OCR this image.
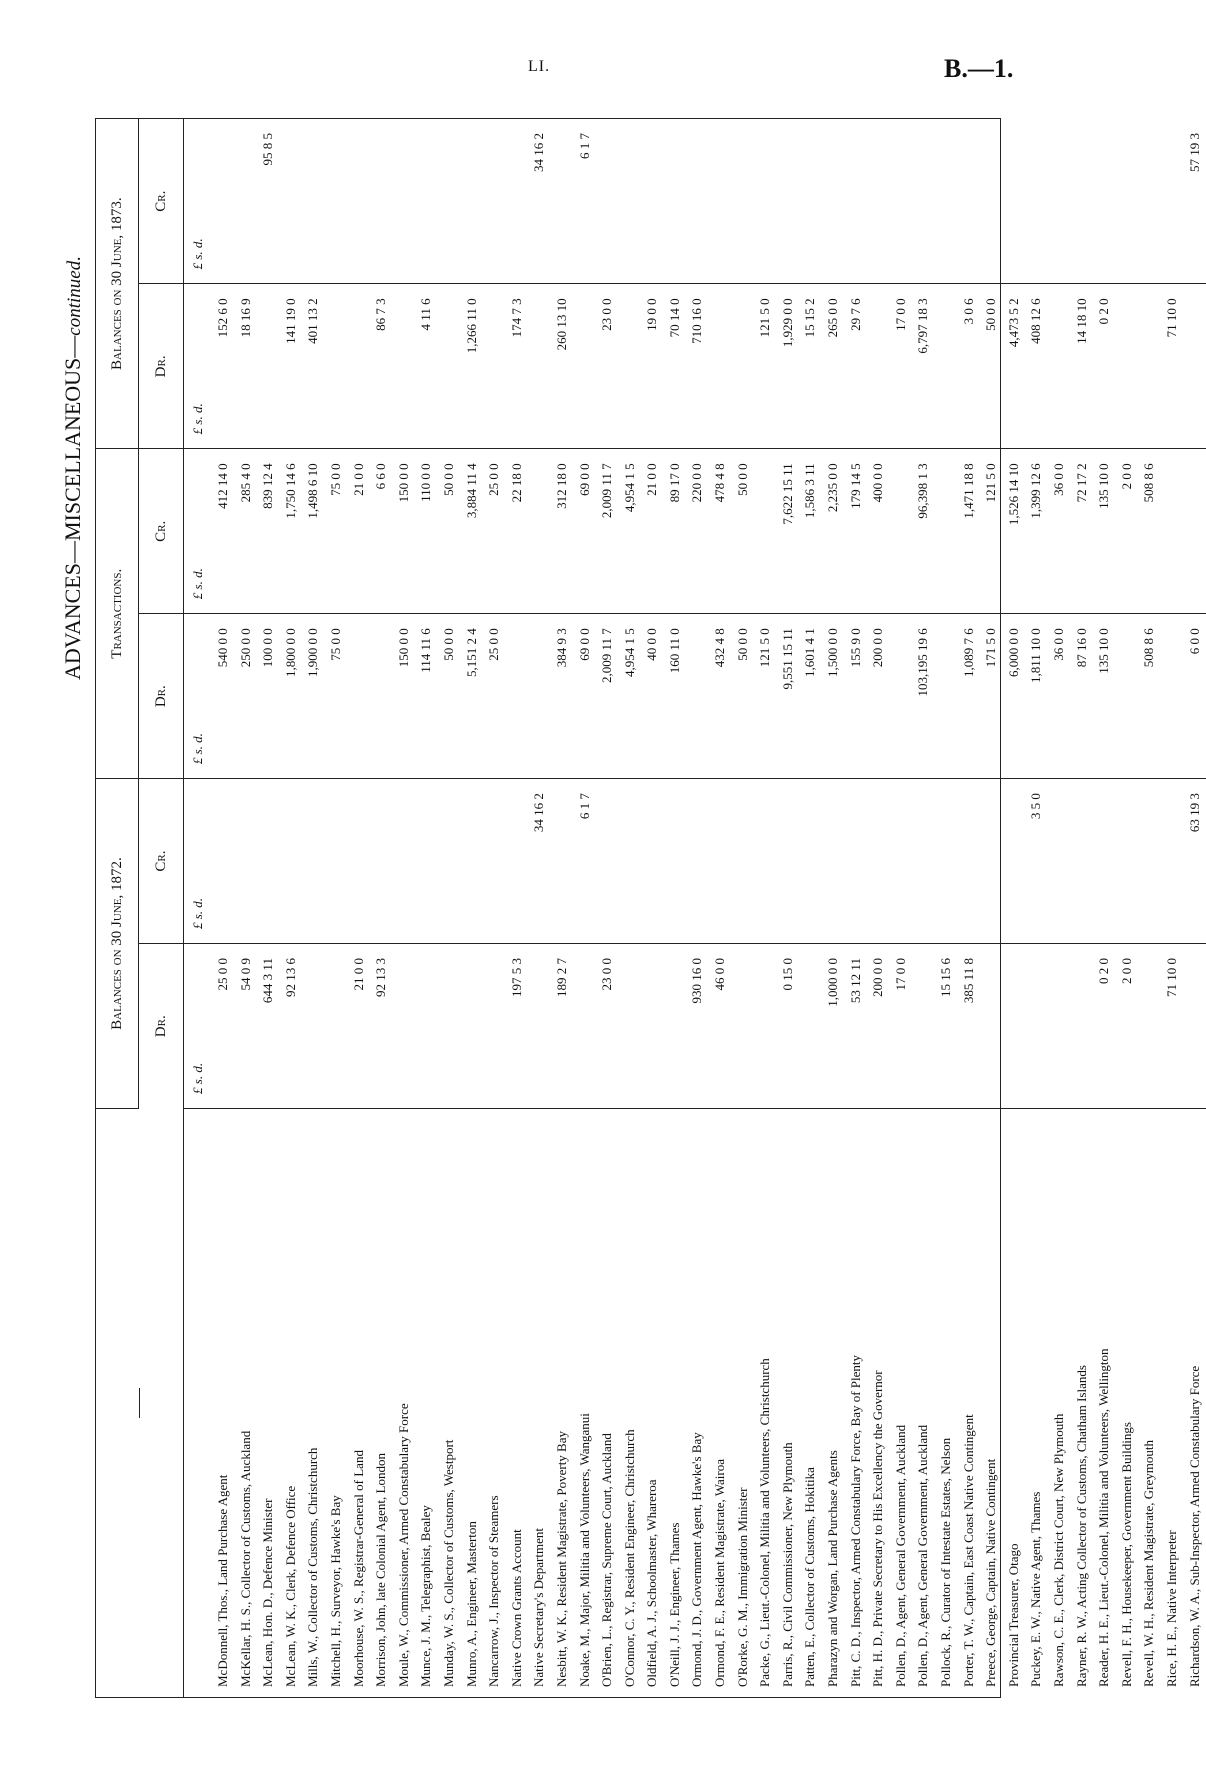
LI.	B.—1.
ADVANCES—MISCELLANEOUS—continued.
	Balances on 30 June, 1872.		Transactions.		Balances on 30 June, 1873.	
	Dr.	Cr.	Dr.	Cr.	Dr.	Cr.
	£ s. d.	£ s. d.	£ s. d.	£ s. d.	£ s. d.	£ s. d.
McDonnell, Thos., Land Purchase Agent	25 0 0		540 0 0	412 14 0	152 6 0	
McKellar, H. S., Collector of Customs, Auckland	54 0 9		250 0 0	285 4 0	18 16 9	
McLean, Hon. D., Defence Minister	644 3 11		100 0 0	839 12 4		95 8 5
McLean, W. K., Clerk, Defence Office	92 13 6		1,800 0 0	1,750 14 6	141 19 0	
Mills, W., Collector of Customs, Christchurch			1,900 0 0	1,498 6 10	401 13 2	
Mitchell, H., Surveyor, Hawke's Bay			75 0 0	75 0 0		
Moorhouse, W. S., Registrar-General of Land	21 0 0			21 0 0		
Morrison, John, late Colonial Agent, London	92 13 3			6 6 0	86 7 3	
Moule, W., Commissioner, Armed Constabulary Force			150 0 0	150 0 0		
Munce, J. M., Telegraphist, Bealey			114 11 6	110 0 0	4 11 6	
Munday, W. S., Collector of Customs, Westport			50 0 0	50 0 0		
Munro, A., Engineer, Masterton			5,151 2 4	3,884 11 4	1,266 11 0	
Nancarrow, J., Inspector of Steamers			25 0 0	25 0 0		
Native Crown Grants Account	197 5 3			22 18 0	174 7 3	
Native Secretary's Department		34 16 2				34 16 2
Nesbitt, W. K., Resident Magistrate, Poverty Bay	189 2 7		384 9 3	312 18 0	260 13 10	
Noake, M., Major, Militia and Volunteers, Wanganui		6 1 7	69 0 0	69 0 0		6 1 7
O'Brien, L., Registrar, Supreme Court, Auckland	23 0 0		2,009 11 7	2,009 11 7	23 0 0	
O'Connor, C. Y., Resident Engineer, Christchurch			4,954 1 5	4,954 1 5		
Oldfield, A. J., Schoolmaster, Whareroa			40 0 0	21 0 0	19 0 0	
O'Neill, J. J., Engineer, Thames			160 11 0	89 17 0	70 14 0	
Ormond, J. D., Government Agent, Hawke's Bay	930 16 0			220 0 0	710 16 0	
Ormond, F. E., Resident Magistrate, Wairoa	46 0 0		432 4 8	478 4 8		
O'Rorke, G. M., Immigration Minister			50 0 0	50 0 0		
Packe, G., Lieut.-Colonel, Militia and Volunteers, Christchurch			121 5 0		121 5 0	
Parris, R., Civil Commissioner, New Plymouth	0 15 0		9,551 15 11	7,622 15 11	1,929 0 0	
Patten, E., Collector of Customs, Hokitika			1,601 4 1	1,586 3 11	15 15 2	
Pharazyn and Worgan, Land Purchase Agents	1,000 0 0		1,500 0 0	2,235 0 0	265 0 0	
Pitt, C. D., Inspector, Armed Constabulary Force, Bay of Plenty	53 12 11		155 9 0	179 14 5	29 7 6	
Pitt, H. D., Private Secretary to His Excellency the Governor	200 0 0		200 0 0	400 0 0		
Pollen, D., Agent, General Government, Auckland	17 0 0				17 0 0	
Pollen, D., Agent, General Government, Auckland			103,195 19 6	96,398 1 3	6,797 18 3	
Pollock, R., Curator of Intestate Estates, Nelson	15 15 6					
Porter, T. W., Captain, East Coast Native Contingent	385 11 8		1,089 7 6	1,471 18 8	3 0 6	
Preece, George, Captain, Native Contingent			171 5 0	121 5 0	50 0 0	
Provincial Treasurer, Otago			6,000 0 0	1,526 14 10	4,473 5 2	
Puckey, E. W., Native Agent, Thames		3 5 0	1,811 10 0	1,399 12 6	408 12 6	
Rawson, C. E., Clerk, District Court, New Plymouth			36 0 0	36 0 0		
Rayner, R. W., Acting Collector of Customs, Chatham Islands			87 16 0	72 17 2	14 18 10	
Reader, H. E., Lieut.-Colonel, Militia and Volunteers, Wellington	0 2 0		135 10 0	135 10 0	0 2 0	
Revell, F. H., Housekeeper, Government Buildings	2 0 0			2 0 0		
Revell, W. H., Resident Magistrate, Greymouth			508 8 6	508 8 6		
Rice, H. E., Native Interpreter	71 10 0				71 10 0	
Richardson, W. A., Sub-Inspector, Armed Constabulary Force		63 19 3	6 0 0			57 19 3
